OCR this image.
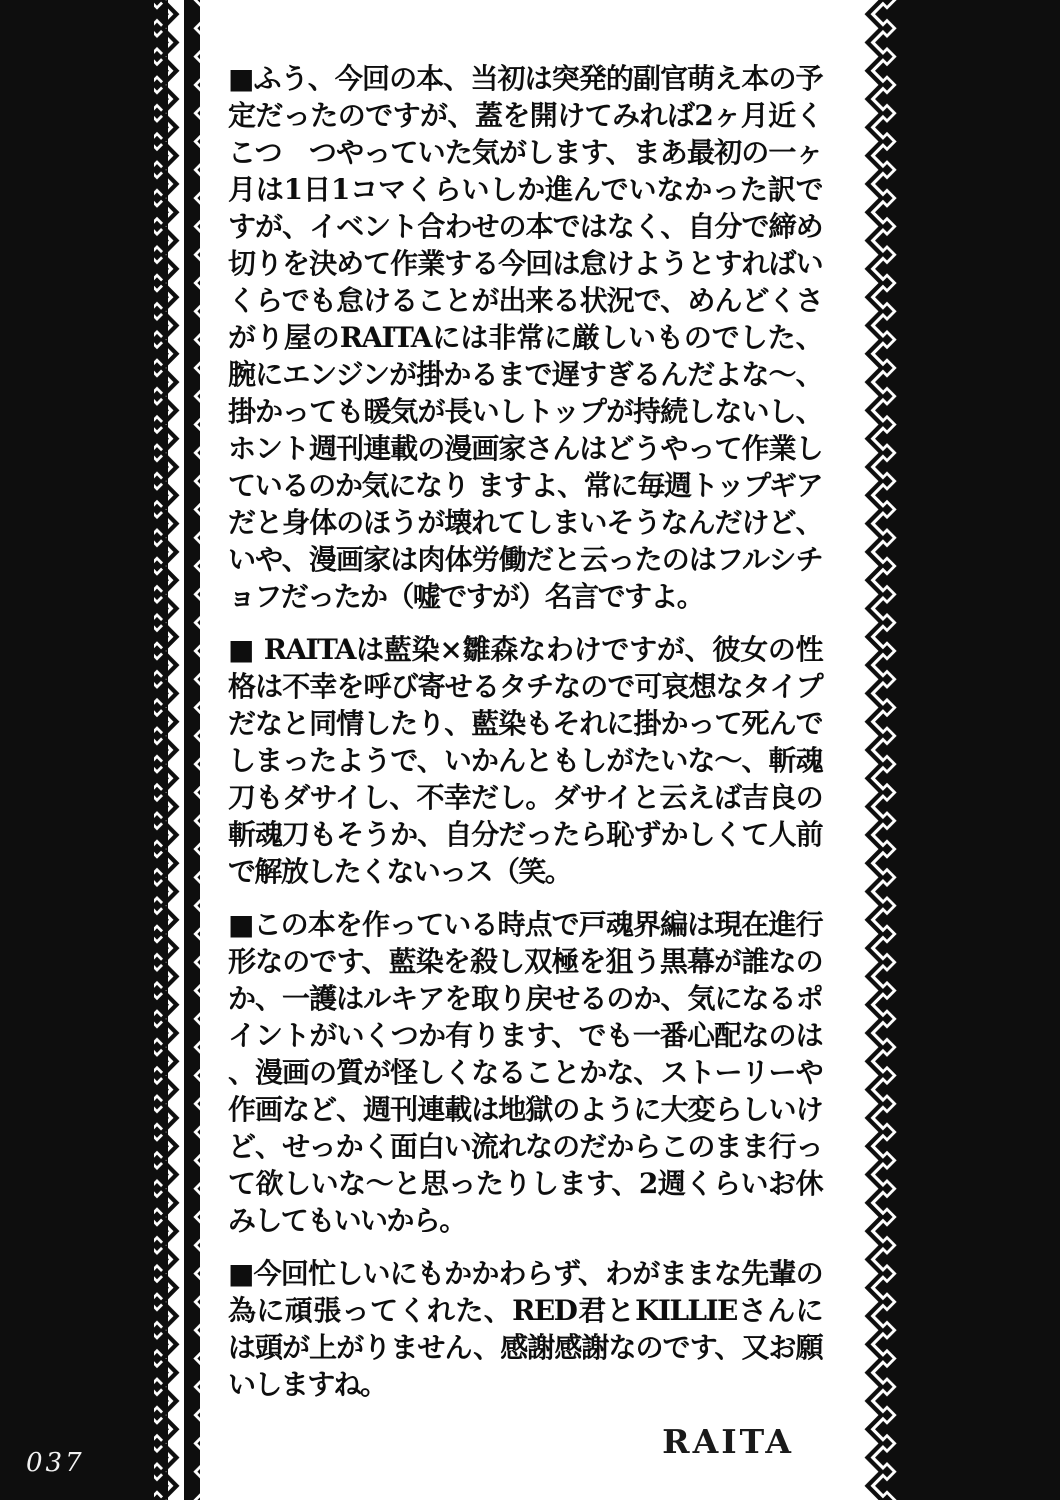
■ふう、今回の本、当初は突発的副官萌え本の予
定だったのですが、蓋を開けてみれば2ヶ月近く
こつ　つやっていた気がします、まあ最初の一ヶ
月は1日1コマくらいしか進んでいなかった訳で
すが、イベント合わせの本ではなく、自分で締め
切りを決めて作業する今回は怠けようとすればい
くらでも怠けることが出来る状況で、めんどくさ
がり屋のRAITAには非常に厳しいものでした、
腕にエンジンが掛かるまで遅すぎるんだよな〜、
掛かっても暖気が長いしトップが持続しないし、
ホント週刊連載の漫画家さんはどうやって作業し
ているのか気になり ますよ、常に毎週トップギア
だと身体のほうが壊れてしまいそうなんだけど、
いや、漫画家は肉体労働だと云ったのはフルシチ
ョフだったか（嘘ですが）名言ですよ。
■ RAITAは藍染×雛森なわけですが、彼女の性
格は不幸を呼び寄せるタチなので可哀想なタイプ
だなと同情したり、藍染もそれに掛かって死んで
しまったようで、いかんともしがたいな〜、斬魂
刀もダサイし、不幸だし。ダサイと云えば吉良の
斬魂刀もそうか、自分だったら恥ずかしくて人前
で解放したくないっス（笑。
■この本を作っている時点で戸魂界編は現在進行
形なのです、藍染を殺し双極を狙う黒幕が誰なの
か、一護はルキアを取り戻せるのか、気になるポ
イントがいくつか有ります、でも一番心配なのは
、漫画の質が怪しくなることかな、ストーリーや
作画など、週刊連載は地獄のように大変らしいけ
ど、せっかく面白い流れなのだからこのまま行っ
て欲しいな〜と思ったりします、2週くらいお休
みしてもいいから。
■今回忙しいにもかかわらず、わがままな先輩の
為に頑張ってくれた、RED君とKILLIEさんに
は頭が上がりません、感謝感謝なのです、又お願
いしますね。
RAITA
037
